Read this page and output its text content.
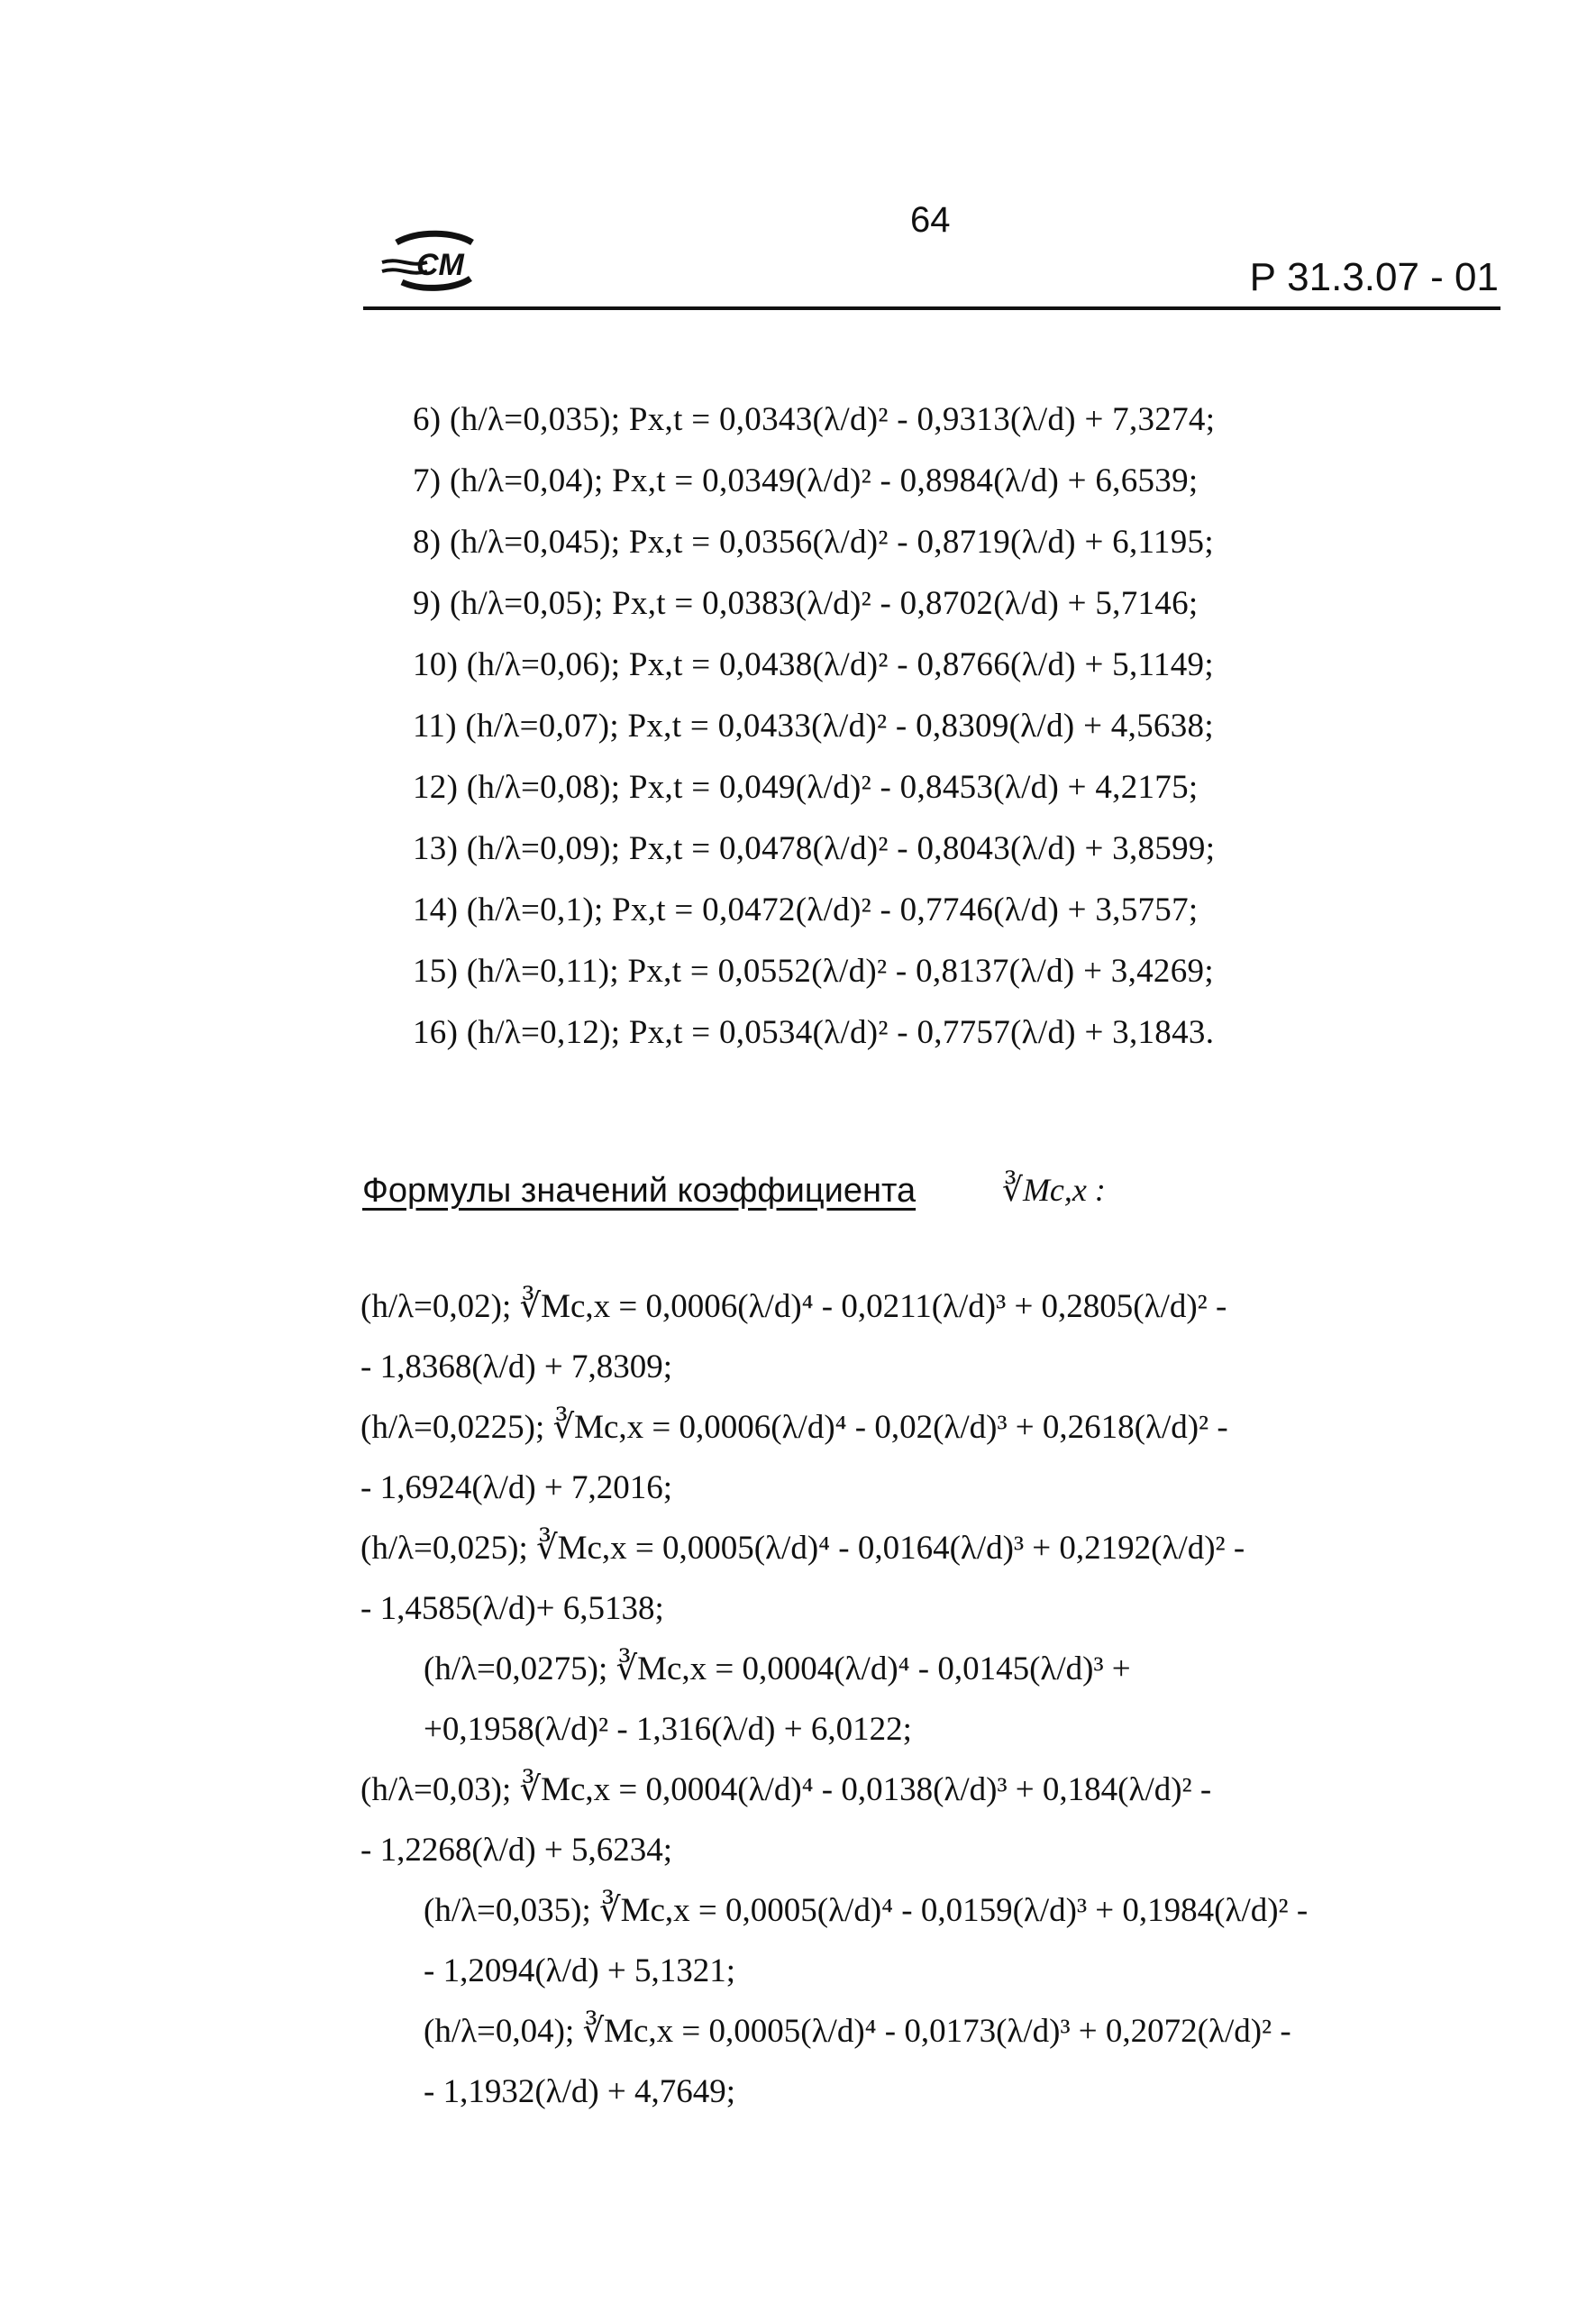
СМ
64
Р 31.3.07 - 01
6) (h/λ=0,035); Pх,t = 0,0343(λ/d)² - 0,9313(λ/d) + 7,3274;
7) (h/λ=0,04); Pх,t = 0,0349(λ/d)² - 0,8984(λ/d) + 6,6539;
8) (h/λ=0,045); Pх,t = 0,0356(λ/d)² - 0,8719(λ/d) + 6,1195;
9) (h/λ=0,05); Pх,t = 0,0383(λ/d)² - 0,8702(λ/d) + 5,7146;
10) (h/λ=0,06); Pх,t = 0,0438(λ/d)² - 0,8766(λ/d) + 5,1149;
11) (h/λ=0,07); Pх,t = 0,0433(λ/d)² - 0,8309(λ/d) + 4,5638;
12) (h/λ=0,08); Pх,t = 0,049(λ/d)² - 0,8453(λ/d) + 4,2175;
13) (h/λ=0,09); Pх,t = 0,0478(λ/d)² - 0,8043(λ/d) + 3,8599;
14) (h/λ=0,1); Pх,t = 0,0472(λ/d)² - 0,7746(λ/d) + 3,5757;
15) (h/λ=0,11); Pх,t = 0,0552(λ/d)² - 0,8137(λ/d) + 3,4269;
16) (h/λ=0,12); Pх,t = 0,0534(λ/d)² - 0,7757(λ/d) + 3,1843.
Формулы значений коэффициента	∛Mc,x :
(h/λ=0,02); ∛Mc,x = 0,0006(λ/d)⁴ - 0,0211(λ/d)³ + 0,2805(λ/d)² -
- 1,8368(λ/d) + 7,8309;
(h/λ=0,0225); ∛Mc,x = 0,0006(λ/d)⁴ - 0,02(λ/d)³ + 0,2618(λ/d)² -
- 1,6924(λ/d) + 7,2016;
(h/λ=0,025); ∛Mc,x = 0,0005(λ/d)⁴ - 0,0164(λ/d)³ + 0,2192(λ/d)² -
- 1,4585(λ/d)+ 6,5138;
(h/λ=0,0275); ∛Mc,x = 0,0004(λ/d)⁴ - 0,0145(λ/d)³ +
+0,1958(λ/d)² - 1,316(λ/d) + 6,0122;
(h/λ=0,03); ∛Mc,x = 0,0004(λ/d)⁴ - 0,0138(λ/d)³ + 0,184(λ/d)² -
- 1,2268(λ/d) + 5,6234;
(h/λ=0,035); ∛Mc,x = 0,0005(λ/d)⁴ - 0,0159(λ/d)³ + 0,1984(λ/d)² -
- 1,2094(λ/d) + 5,1321;
(h/λ=0,04); ∛Mc,x = 0,0005(λ/d)⁴ - 0,0173(λ/d)³ + 0,2072(λ/d)² -
- 1,1932(λ/d) + 4,7649;
